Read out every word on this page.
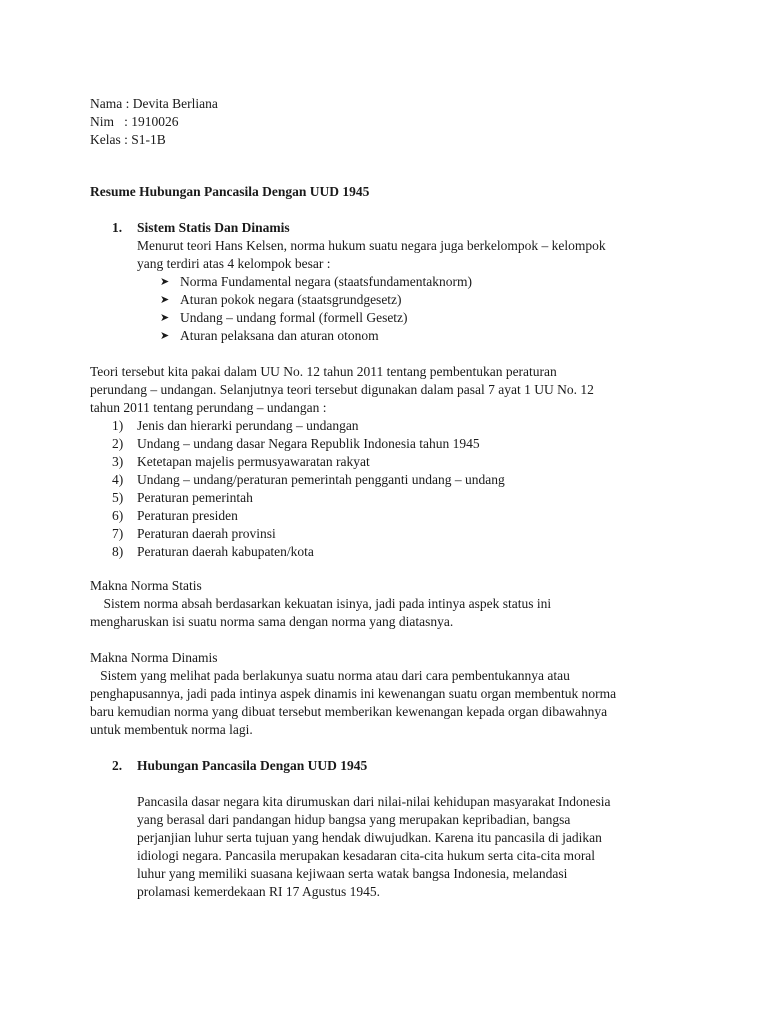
Nama : Devita Berliana
Nim   : 1910026
Kelas : S1-1B
Resume Hubungan Pancasila Dengan UUD 1945
1. Sistem Statis Dan Dinamis
Menurut teori Hans Kelsen, norma hukum suatu negara juga berkelompok – kelompok
yang terdiri atas 4 kelompok besar :
➤ Norma Fundamental negara (staatsfundamentaknorm)
➤ Aturan pokok negara (staatsgrundgesetz)
➤ Undang – undang formal (formell Gesetz)
➤ Aturan pelaksana dan aturan otonom
Teori tersebut kita pakai dalam UU No. 12 tahun 2011 tentang pembentukan peraturan
perundang – undangan. Selanjutnya teori tersebut digunakan dalam pasal 7 ayat 1 UU No. 12
tahun 2011 tentang perundang – undangan :
1)	Jenis dan hierarki perundang – undangan
2)	Undang – undang dasar Negara Republik Indonesia tahun 1945
3)	Ketetapan majelis permusyawaratan rakyat
4)	Undang – undang/peraturan pemerintah pengganti undang – undang
5)	Peraturan pemerintah
6)	Peraturan presiden
7)	Peraturan daerah provinsi
8)	Peraturan daerah kabupaten/kota
Makna Norma Statis
Sistem norma absah berdasarkan kekuatan isinya, jadi pada intinya aspek status ini
mengharuskan isi suatu norma sama dengan norma yang diatasnya.
Makna Norma Dinamis
Sistem yang melihat pada berlakunya suatu norma atau dari cara pembentukannya atau
penghapusannya, jadi pada intinya aspek dinamis ini kewenangan suatu organ membentuk norma
baru kemudian norma yang dibuat tersebut memberikan kewenangan kepada organ dibawahnya
untuk membentuk norma lagi.
2. Hubungan Pancasila Dengan UUD 1945
Pancasila dasar negara kita dirumuskan dari nilai-nilai kehidupan masyarakat Indonesia
yang berasal dari pandangan hidup bangsa yang merupakan kepribadian, bangsa
perjanjian luhur serta tujuan yang hendak diwujudkan. Karena itu pancasila di jadikan
idiologi negara. Pancasila merupakan kesadaran cita-cita hukum serta cita-cita moral
luhur yang memiliki suasana kejiwaan serta watak bangsa Indonesia, melandasi
prolamasi kemerdekaan RI 17 Agustus 1945.
